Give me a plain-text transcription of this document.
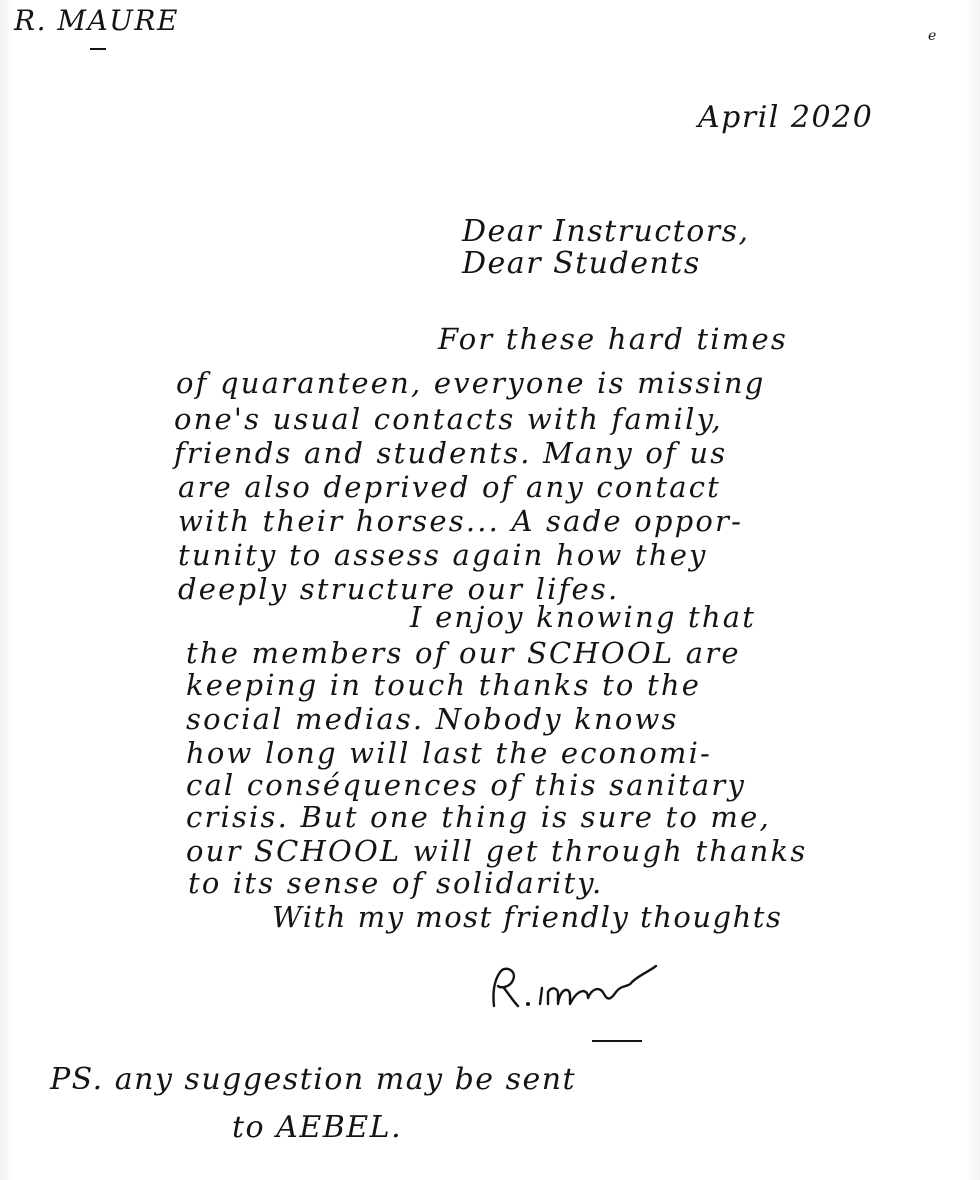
R. MAURE	e
April 2020
Dear Instructors,
Dear Students
For these hard times
of quaranteen, everyone is missing
one's usual contacts with family,
friends and students. Many of us
are also deprived of any contact
with their horses... A sade oppor-
tunity to assess again how they
deeply structure our lifes.
I enjoy knowing that
the members of our SCHOOL are
keeping in touch thanks to the
social medias. Nobody knows
how long will last the economi-
cal conséquences of this sanitary
crisis. But one thing is sure to me,
our SCHOOL will get through thanks
to its sense of solidarity.
With my most friendly thoughts
PS. any suggestion may be sent
to AEBEL.
